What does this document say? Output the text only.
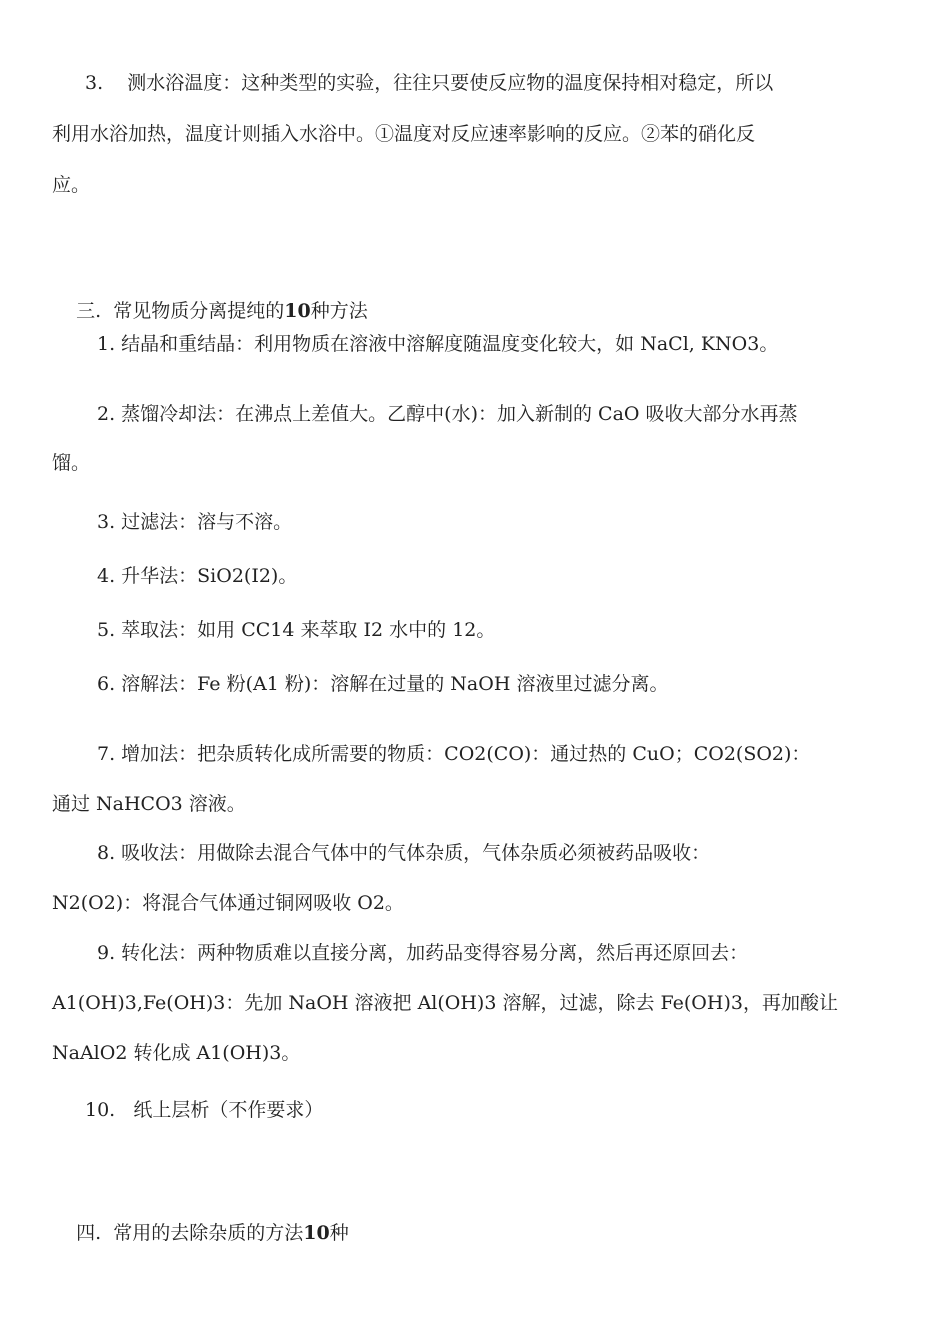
3.    测水浴温度：这种类型的实验，往往只要使反应物的温度保持相对稳定，所以
利用水浴加热，温度计则插入水浴中。①温度对反应速率影响的反应。②苯的硝化反
应。

三.  常见物质分离提纯的10种方法

1. 结晶和重结晶：利用物质在溶液中溶解度随温度变化较大，如 NaCl, KNO3。
2. 蒸馏冷却法：在沸点上差值大。乙醇中(水)：加入新制的 CaO 吸收大部分水再蒸
馏。
3. 过滤法：溶与不溶。
4. 升华法：SiO2(I2)。
5. 萃取法：如用 CC14 来萃取 I2 水中的 12。
6. 溶解法：Fe 粉(A1 粉)：溶解在过量的 NaOH 溶液里过滤分离。
7. 增加法：把杂质转化成所需要的物质：CO2(CO)：通过热的 CuO；CO2(SO2)：
通过 NaHCO3 溶液。
8. 吸收法：用做除去混合气体中的气体杂质，气体杂质必须被药品吸收：
N2(O2)：将混合气体通过铜网吸收 O2。
9. 转化法：两种物质难以直接分离，加药品变得容易分离，然后再还原回去：
A1(OH)3,Fe(OH)3：先加 NaOH 溶液把 Al(OH)3 溶解，过滤，除去 Fe(OH)3，再加酸让
NaAlO2 转化成 A1(OH)3。
10.   纸上层析（不作要求）

四.  常用的去除杂质的方法10种
